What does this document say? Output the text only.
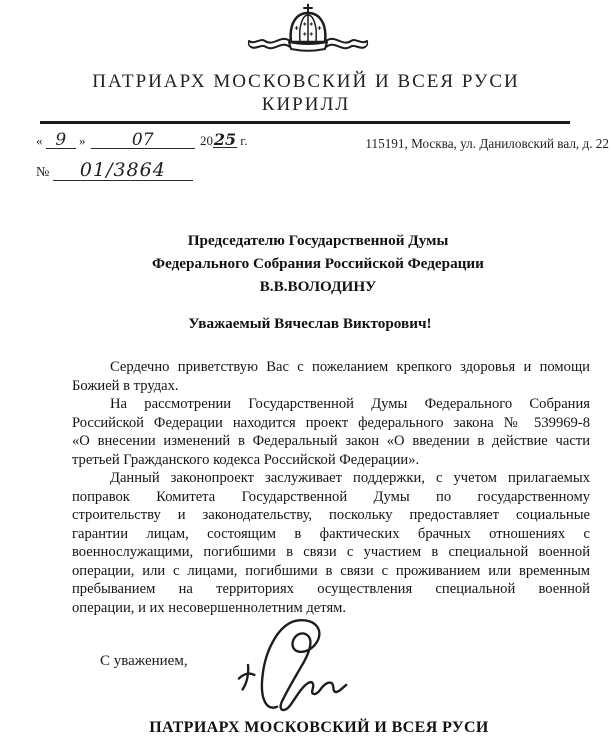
ПАТРИАРХ МОСКОВСКИЙ И ВСЕЯ РУСИ
КИРИЛЛ
« 9 »	07	2025 г.	115191, Москва, ул. Даниловский вал, д. 22
№ 01/3864
Председателю Государственной Думы
Федерального Собрания Российской Федерации
В.В.ВОЛОДИНУ
Уважаемый Вячеслав Викторович!
Сердечно приветствую Вас с пожеланием крепкого здоровья и помощи
Божией в трудах.
На рассмотрении Государственной Думы Федерального Собрания
Российской Федерации находится проект федерального закона № 539969-8
«О внесении изменений в Федеральный закон «О введении в действие части
третьей Гражданского кодекса Российской Федерации».
Данный законопроект заслуживает поддержки, с учетом прилагаемых
поправок Комитета Государственной Думы по государственному
строительству и законодательству, поскольку предоставляет социальные
гарантии лицам, состоящим в фактических брачных отношениях с
военнослужащими, погибшими в связи с участием в специальной военной
операции, или с лицами, погибшими в связи с проживанием или временным
пребыванием на территориях осуществления специальной военной
операции, и их несовершеннолетним детям.
С уважением,
ПАТРИАРХ МОСКОВСКИЙ И ВСЕЯ РУСИ
